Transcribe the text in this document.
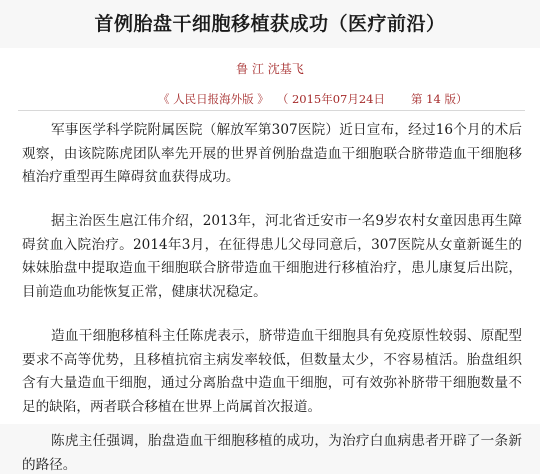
首例胎盘干细胞移植获成功（医疗前沿）
鲁 江 沈基飞
《 人民日报海外版 》 （ 2015年07月24日 第 14 版）

军事医学科学院附属医院（解放军第307医院）近日宣布，经过16个月的术后观察，由该院陈虎团队率先开展的世界首例胎盘造血干细胞联合脐带造血干细胞移植治疗重型再生障碍贫血获得成功。

据主治医生扈江伟介绍，2013年，河北省迁安市一名9岁农村女童因患再生障碍贫血入院治疗。2014年3月，在征得患儿父母同意后，307医院从女童新诞生的妹妹胎盘中提取造血干细胞联合脐带造血干细胞进行移植治疗，患儿康复后出院，目前造血功能恢复正常，健康状况稳定。

造血干细胞移植科主任陈虎表示，脐带造血干细胞具有免疫原性较弱、原配型要求不高等优势，且移植抗宿主病发率较低，但数量太少，不容易植活。胎盘组织含有大量造血干细胞，通过分离胎盘中造血干细胞，可有效弥补脐带干细胞数量不足的缺陷，两者联合移植在世界上尚属首次报道。

陈虎主任强调，胎盘造血干细胞移植的成功，为治疗白血病患者开辟了一条新的路径。
